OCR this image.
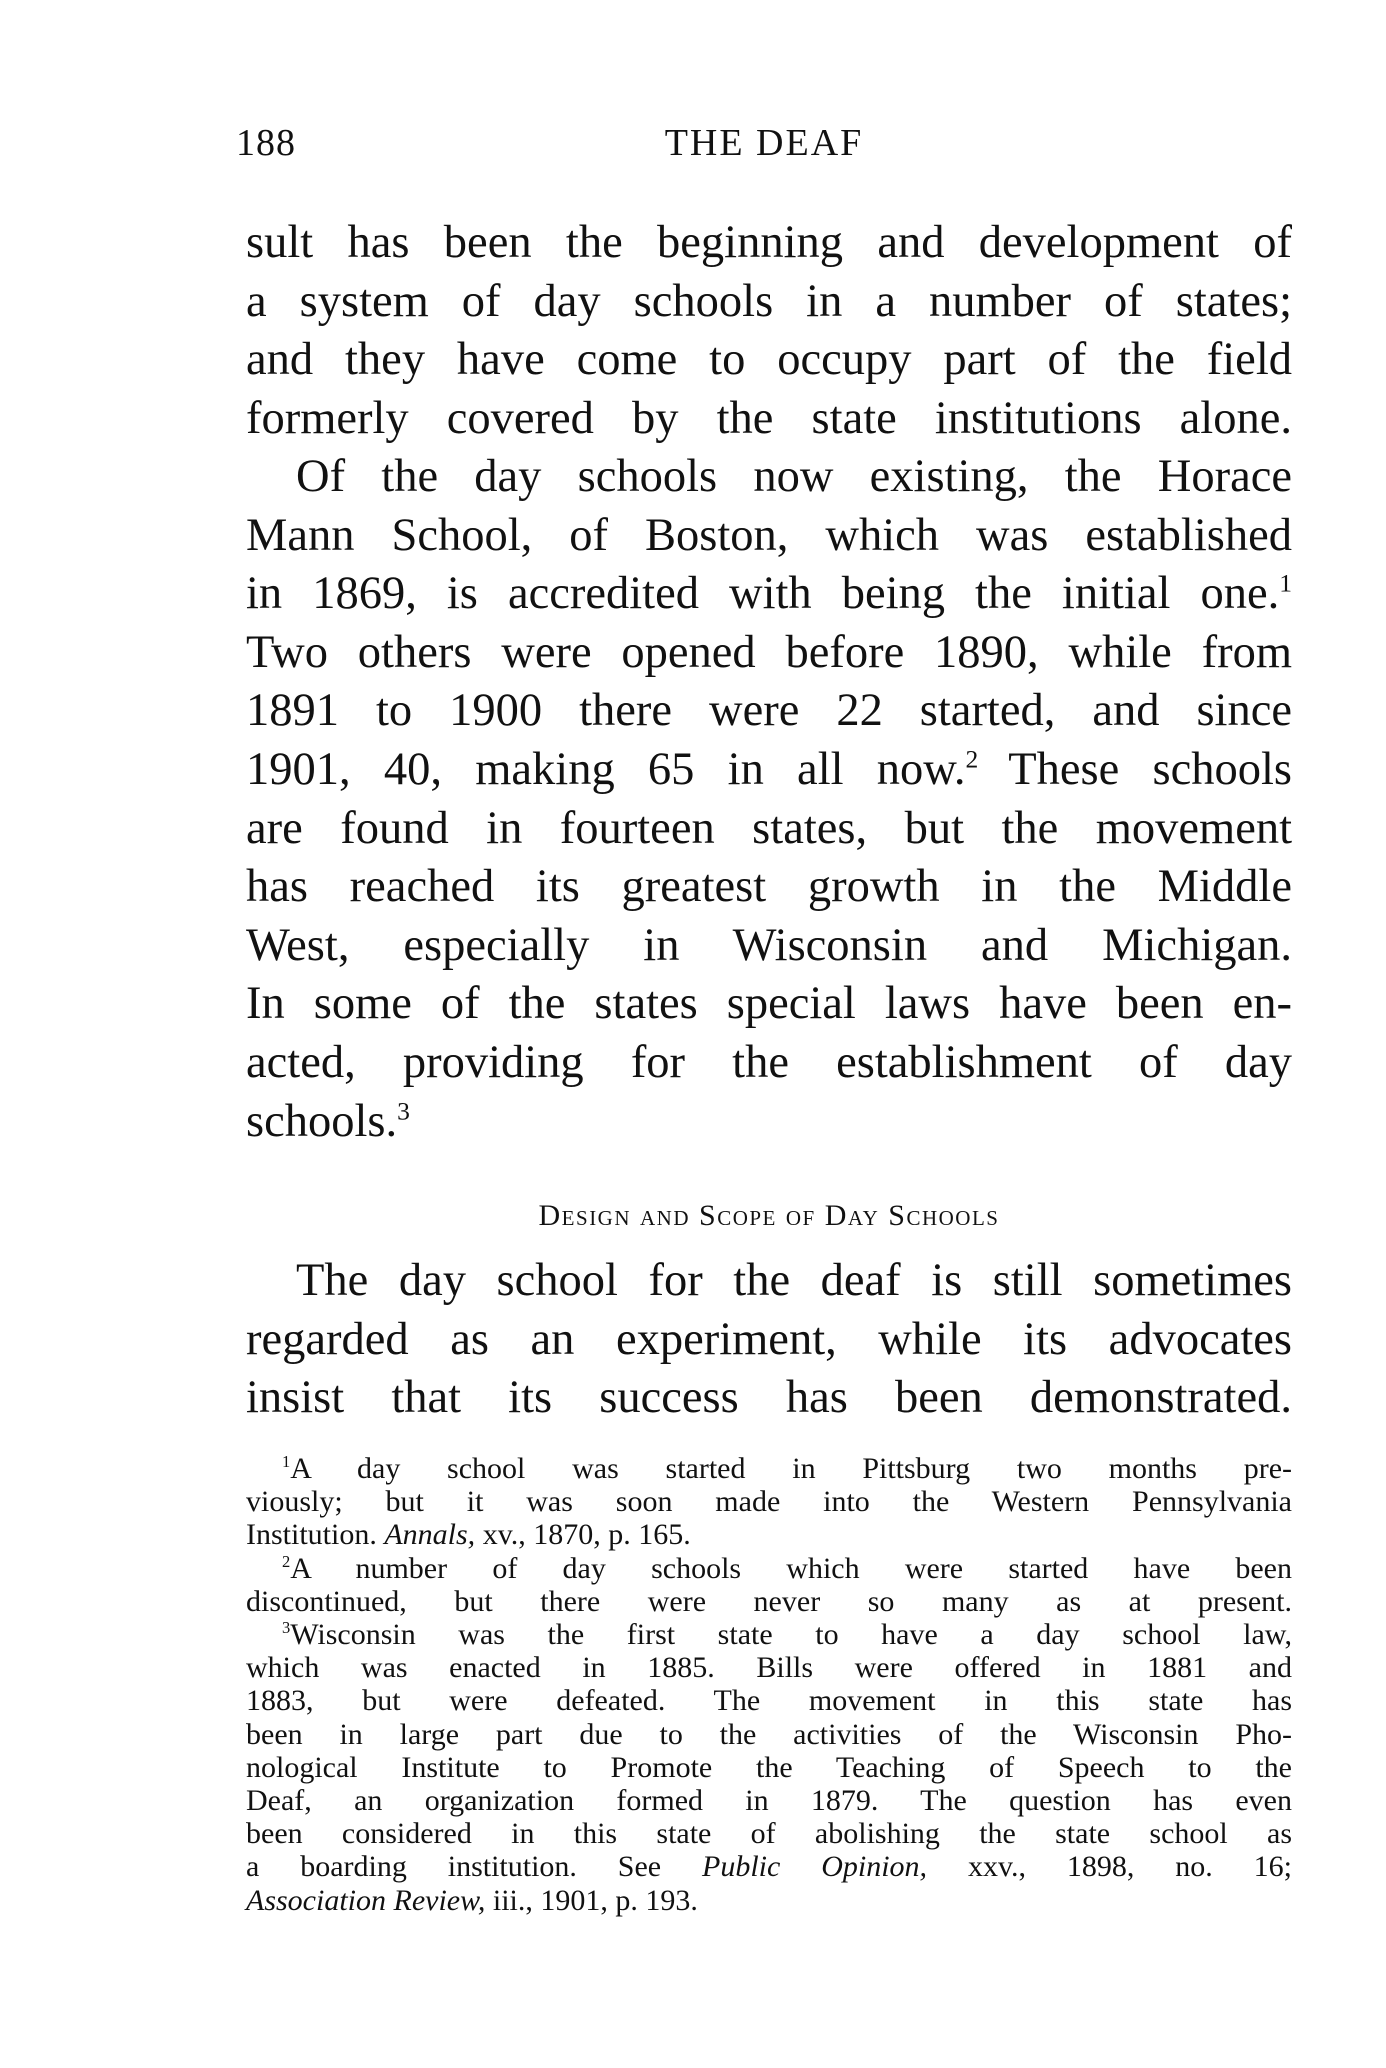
188	THE DEAF
sult has been the beginning and development of
a system of day schools in a number of states;
and they have come to occupy part of the field
formerly covered by the state institutions alone.
Of the day schools now existing, the Horace
Mann School, of Boston, which was established
in 1869, is accredited with being the initial one.$^1$
Two others were opened before 1890, while from
1891 to 1900 there were 22 started, and since
1901, 40, making 65 in all now.$^2$ These schools
are found in fourteen states, but the movement
has reached its greatest growth in the Middle
West, especially in Wisconsin and Michigan.
In some of the states special laws have been en-
acted, providing for the establishment of day
schools.$^3$
Design and Scope of Day Schools
The day school for the deaf is still sometimes
regarded as an experiment, while its advocates
insist that its success has been demonstrated.
$^1$A day school was started in Pittsburg two months pre-
viously; but it was soon made into the Western Pennsylvania
Institution. Annals, xv., 1870, p. 165.
$^2$A number of day schools which were started have been
discontinued, but there were never so many as at present.
$^3$Wisconsin was the first state to have a day school law,
which was enacted in 1885. Bills were offered in 1881 and
1883, but were defeated. The movement in this state has
been in large part due to the activities of the Wisconsin Pho-
nological Institute to Promote the Teaching of Speech to the
Deaf, an organization formed in 1879. The question has even
been considered in this state of abolishing the state school as
a boarding institution. See Public Opinion, xxv., 1898, no. 16;
Association Review, iii., 1901, p. 193.
